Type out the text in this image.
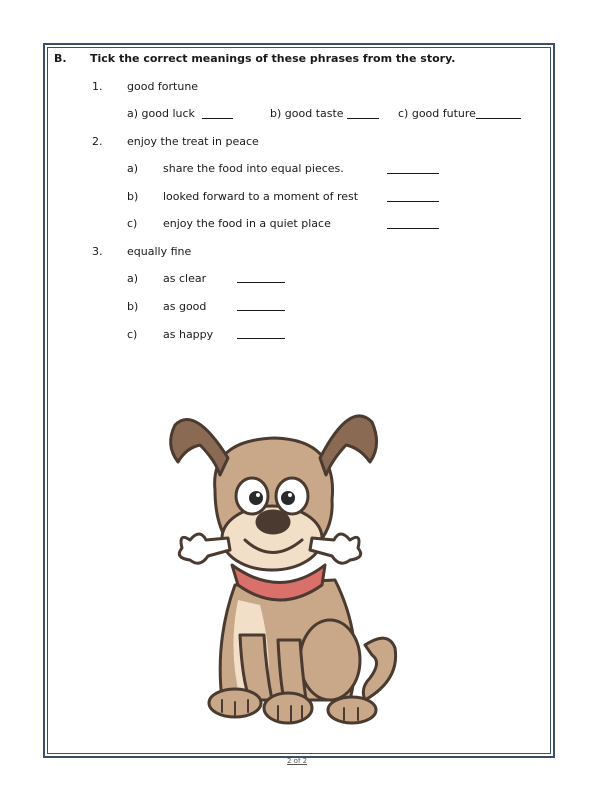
B. Tick the correct meanings of these phrases from the story.
1. good fortune
a) good luck	b) good taste	c) good future
2. enjoy the treat in peace
a) share the food into equal pieces.
b) looked forward to a moment of rest
c) enjoy the food in a quiet place
3. equally fine
a) as clear
b) as good
c) as happy
2 of 2
